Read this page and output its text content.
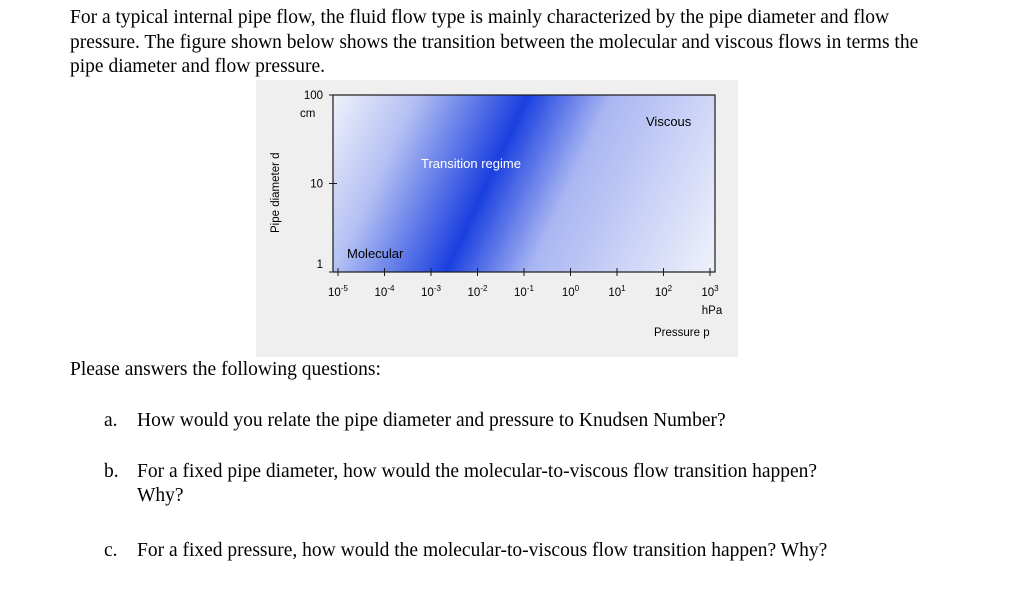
For a typical internal pipe flow, the fluid flow type is mainly characterized by the pipe diameter and flow pressure. The figure shown below shows the transition between the molecular and viscous flows in terms the pipe diameter and flow pressure.

$10^{-5}$ $10^{-4}$ $10^{-3}$ $10^{-2}$ $10^{-1}$ $10^0$	$10^1$	$10^2$	$10^3$
100
10
1
cm
Pipe diameter d
hPa
Pressure p
Molecular
Transition regime
Viscous

Please answers the following questions:

a. How would you relate the pipe diameter and pressure to Knudsen Number?
b. For a fixed pipe diameter, how would the molecular-to-viscous flow transition happen?
Why?
c. For a fixed pressure, how would the molecular-to-viscous flow transition happen? Why?
